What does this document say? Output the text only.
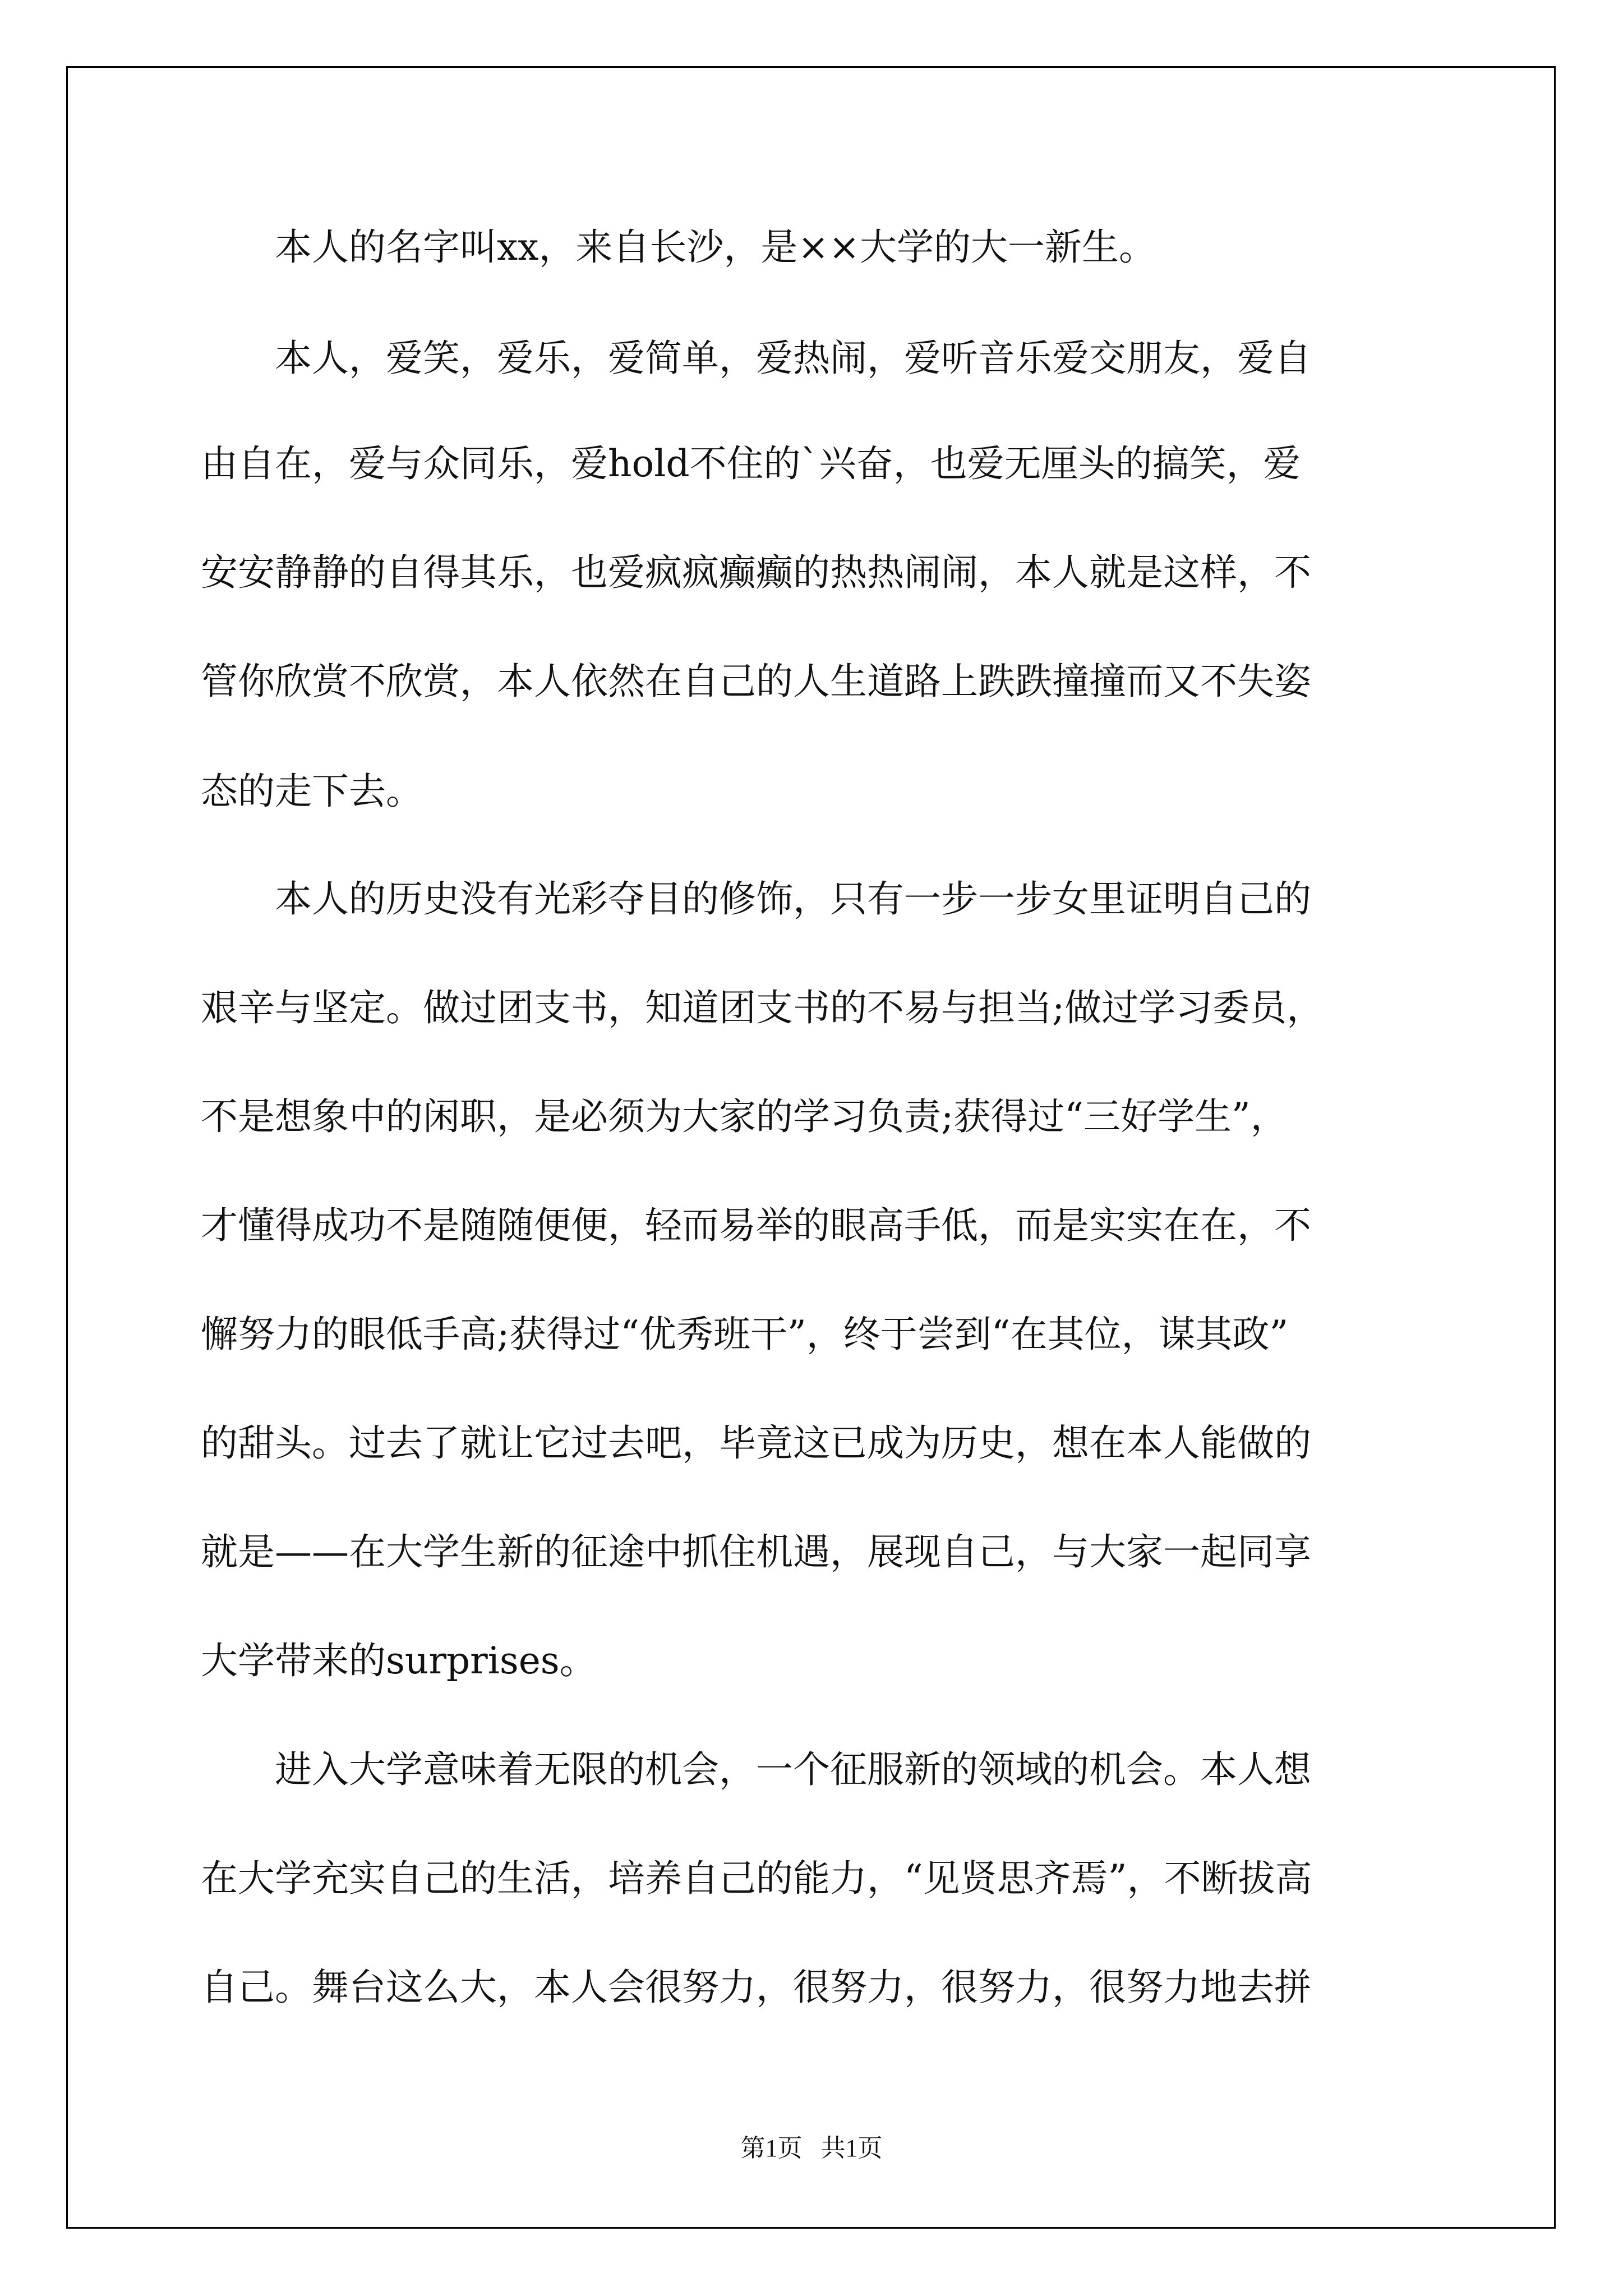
　　本人的名字叫xx，来自长沙，是××大学的大一新生。

　　本人，爱笑，爱乐，爱简单，爱热闹，爱听音乐爱交朋友，爱自

由自在，爱与众同乐，爱hold不住的`兴奋，也爱无厘头的搞笑，爱

安安静静的自得其乐，也爱疯疯癫癫的热热闹闹，本人就是这样，不

管你欣赏不欣赏，本人依然在自己的人生道路上跌跌撞撞而又不失姿

态的走下去。

　　本人的历史没有光彩夺目的修饰，只有一步一步女里证明自己的

艰辛与坚定。做过团支书，知道团支书的不易与担当;做过学习委员，

不是想象中的闲职，是必须为大家的学习负责;获得过“三好学生”，

才懂得成功不是随随便便，轻而易举的眼高手低，而是实实在在，不

懈努力的眼低手高;获得过“优秀班干”，终于尝到“在其位，谋其政”

的甜头。过去了就让它过去吧，毕竟这已成为历史，想在本人能做的

就是——在大学生新的征途中抓住机遇，展现自己，与大家一起同享

大学带来的surprises。

　　进入大学意味着无限的机会，一个征服新的领域的机会。本人想

在大学充实自己的生活，培养自己的能力，“见贤思齐焉”，不断拔高

自己。舞台这么大，本人会很努力，很努力，很努力，很努力地去拼

第1页 共1页
